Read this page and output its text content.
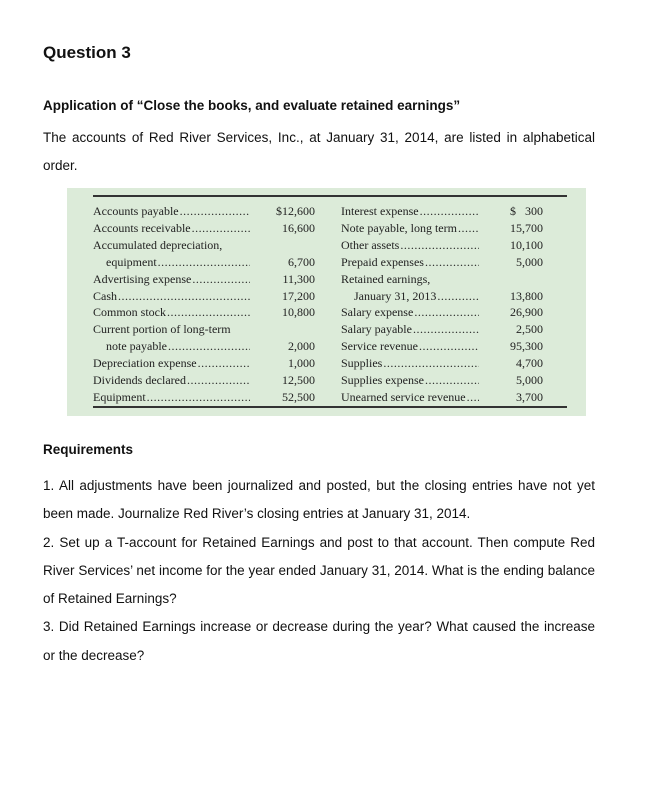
Question 3
Application of “Close the books, and evaluate retained earnings”
The accounts of Red River Services, Inc., at January 31, 2014, are listed in alphabetical order.
Accounts payable .....	$12,600
Accounts receivable .....	16,600
Accumulated depreciation,
equipment .....	6,700
Advertising expense .....	11,300
Cash .....	17,200
Common stock .....	10,800
Current portion of long-term
note payable .....	2,000
Depreciation expense .....	1,000
Dividends declared .....	12,500
Equipment .....	52,500
Interest expense .....	$   300
Note payable, long term .....	15,700
Other assets .....	10,100
Prepaid expenses .....	5,000
Retained earnings,
January 31, 2013 .....	13,800
Salary expense .....	26,900
Salary payable .....	2,500
Service revenue .....	95,300
Supplies .....	4,700
Supplies expense .....	5,000
Unearned service revenue .....	3,700
Requirements

1. All adjustments have been journalized and posted, but the closing entries have not yet been made. Journalize Red River’s closing entries at January 31, 2014.

2. Set up a T-account for Retained Earnings and post to that account. Then compute Red River Services’ net income for the year ended January 31, 2014. What is the ending balance of Retained Earnings?

3. Did Retained Earnings increase or decrease during the year? What caused the increase or the decrease?
